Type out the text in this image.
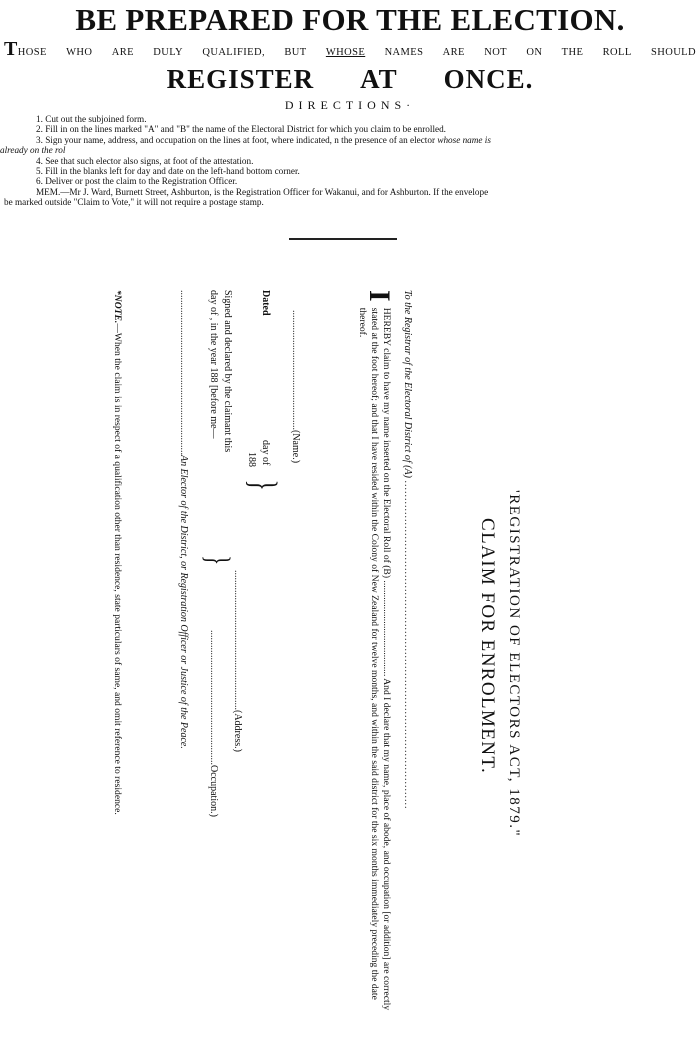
BE PREPARED FOR THE ELECTION.
THOSE WHO ARE DULY QUALIFIED, BUT WHOSE NAMES ARE NOT ON THE ROLL SHOULD
REGISTER AT ONCE.
DIRECTIONS·
1. Cut out the subjoined form.
2. Fill in on the lines marked "A" and "B" the name of the Electoral District for which you claim to be enrolled.
3. Sign your name, address, and occupation on the lines at foot, where indicated, n the presence of an elector whose name is
already on the rol
4. See that such elector also signs, at foot of the attestation.
5. Fill in the blanks left for day and date on the left-hand bottom corner.
6. Deliver or post the claim to the Registration Officer.
MEM.—Mr J. Ward, Burnett Street, Ashburton, is the Registration Officer for Wakanui, and for Ashburton. If the envelope
be marked outside "Claim to Vote," it will not require a postage stamp.
'REGISTRATION OF ELECTORS ACT, 1879."
CLAIM FOR ENROLMENT.
To the Registrar of the Electoral District of (A) ..............................................................................................
I
HEREBY claim to have my name inserted on the Electoral Roll of (B) ........................................ And I declare that my name, place of abode, and occupation [or addition] are correctly stated at the foot hereof; and that I have resided within the Colony of New Zealand for twelve months, and within the said district for the six months immediately preceding the date thereof.
................................................(Name.)
Dated
day of
188
}
........................................................(Address.)
Signed and declared by the claimant this
day of , in the year 188 [before me—
}
......................................................Occupation.)
..................................................................An Elector of the District, or Registration Officer or Justice of the Peace.
*NOTE.—When the claim is in respect of a qualification other than residence, state particulars of same, and omit reference to residence.
